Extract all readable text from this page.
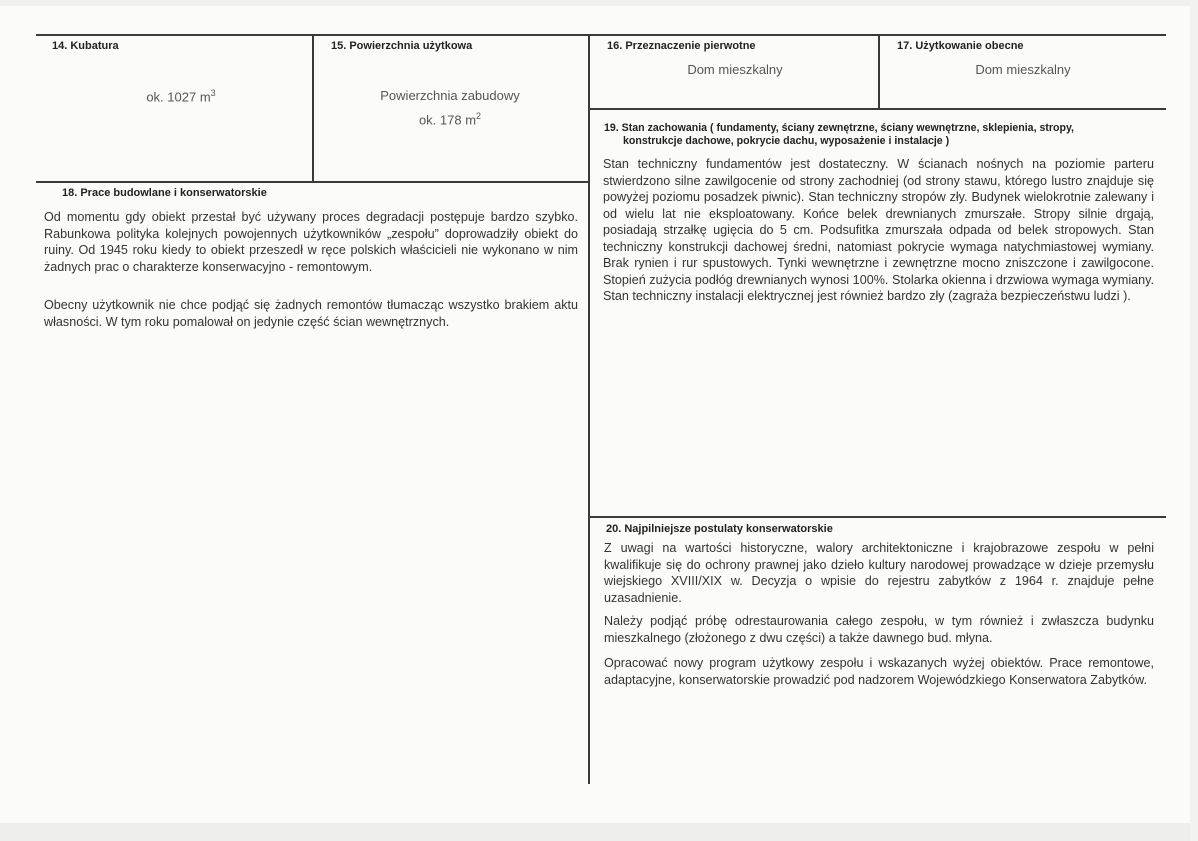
14. Kubatura
ok. 1027 $m^3$
15. Powierzchnia użytkowa
Powierzchnia zabudowy
ok. 178 $m^2$
16. Przeznaczenie pierwotne
Dom mieszkalny
17. Użytkowanie obecne
Dom mieszkalny
18. Prace budowlane i konserwatorskie

Od momentu gdy obiekt przestał być używany proces degradacji postępuje bardzo szybko. Rabunkowa polityka kolejnych powojennych użytkowników „zespołu” doprowadziły obiekt do ruiny. Od 1945 roku kiedy to obiekt przeszedł w ręce polskich właścicieli nie wykonano w nim żadnych prac o charakterze konserwacyjno - remontowym.

Obecny użytkownik nie chce podjąć się żadnych remontów tłumacząc wszystko brakiem aktu własności. W tym roku pomalował on jedynie część ścian wewnętrznych.

19. Stan zachowania ( fundamenty, ściany zewnętrzne, ściany wewnętrzne, sklepienia, stropy,
konstrukcje dachowe, pokrycie dachu, wyposażenie i instalacje )

Stan techniczny fundamentów jest dostateczny. W ścianach nośnych na poziomie parteru stwierdzono silne zawilgocenie od strony zachodniej (od strony stawu, którego lustro znajduje się powyżej poziomu posadzek piwnic). Stan techniczny stropów zły. Budynek wielokrotnie zalewany i od wielu lat nie eksploatowany. Końce belek drewnianych zmurszałe. Stropy silnie drgają, posiadają strzałkę ugięcia do 5 cm. Podsufitka zmurszała odpada od belek stropowych. Stan techniczny konstrukcji dachowej średni, natomiast pokrycie wymaga natychmiastowej wymiany. Brak rynien i rur spustowych. Tynki wewnętrzne i zewnętrzne mocno zniszczone i zawilgocone. Stopień zużycia podłóg drewnianych wynosi 100%. Stolarka okienna i drzwiowa wymaga wymiany. Stan techniczny instalacji elektrycznej jest również bardzo zły (zagraża bezpieczeństwu ludzi ).

20. Najpilniejsze postulaty konserwatorskie

Z uwagi na wartości historyczne, walory architektoniczne i krajobrazowe zespołu w pełni kwalifikuje się do ochrony prawnej jako dzieło kultury narodowej prowadzące w dzieje przemysłu wiejskiego XVIII/XIX w. Decyzja o wpisie do rejestru zabytków z 1964 r. znajduje pełne uzasadnienie.

Należy podjąć próbę odrestaurowania całego zespołu, w tym również i zwłaszcza budynku mieszkalnego (złożonego z dwu części) a także dawnego bud. młyna.

Opracować nowy program użytkowy zespołu i wskazanych wyżej obiektów. Prace remontowe, adaptacyjne, konserwatorskie prowadzić pod nadzorem Wojewódzkiego Konserwatora Zabytków.
